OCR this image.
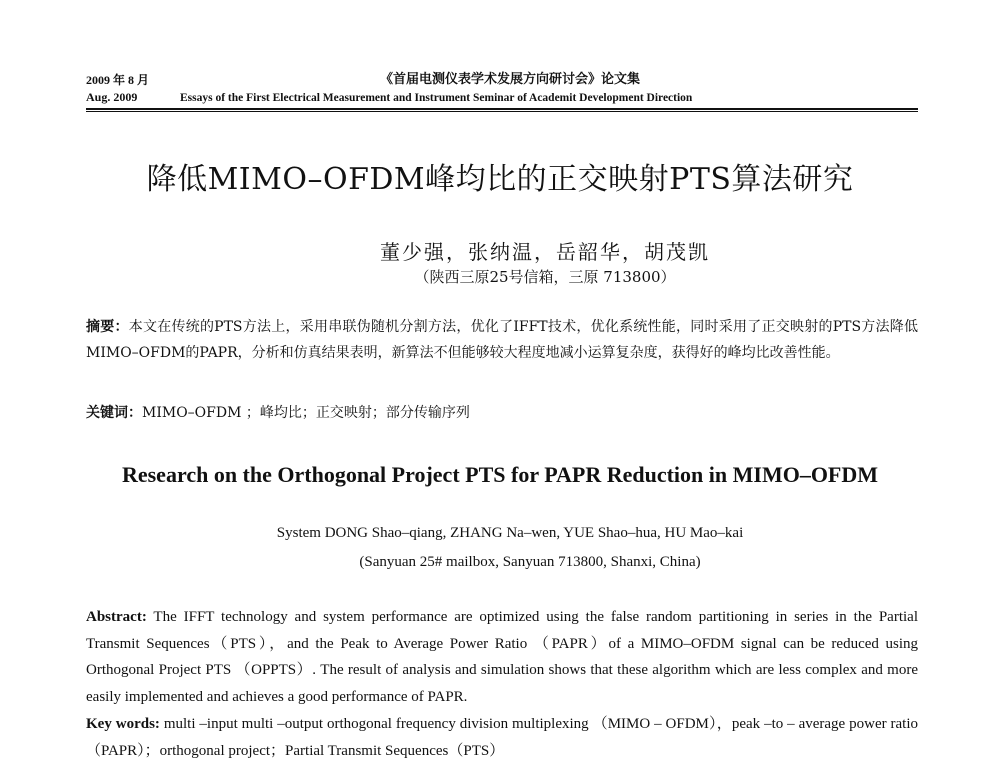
2009 年 8 月
Aug. 2009
《首届电测仪表学术发展方向研讨会》论文集
Essays of the First Electrical Measurement and Instrument Seminar of Academit Development Direction
降低MIMO–OFDM峰均比的正交映射PTS算法研究
董少强，张纳温，岳韶华，胡茂凯
（陕西三原25号信箱，三原 713800）
摘要：本文在传统的PTS方法上，采用串联伪随机分割方法，优化了IFFT技术，优化系统性能，同时采用了正交映射的PTS方法降低MIMO–OFDM的PAPR，分析和仿真结果表明，新算法不但能够较大程度地减小运算复杂度，获得好的峰均比改善性能。
关键词：MIMO–OFDM ；峰均比；正交映射；部分传输序列
Research on the Orthogonal Project PTS for PAPR Reduction in MIMO–OFDM
System DONG Shao–qiang, ZHANG Na–wen, YUE Shao–hua, HU Mao–kai
(Sanyuan 25# mailbox, Sanyuan 713800, Shanxi, China)
Abstract: The IFFT technology and system performance are optimized using the false random partitioning in series in the Partial Transmit Sequences（PTS），and the Peak to Average Power Ratio （PAPR）of a MIMO–OFDM signal can be reduced using Orthogonal Project PTS （OPPTS）. The result of analysis and simulation shows that these algorithm which are less complex and more easily implemented and achieves a good performance of PAPR.
Key words: multi –input multi –output orthogonal frequency division multiplexing （MIMO – OFDM），peak –to – average power ratio（PAPR）；orthogonal project；Partial Transmit Sequences（PTS）
